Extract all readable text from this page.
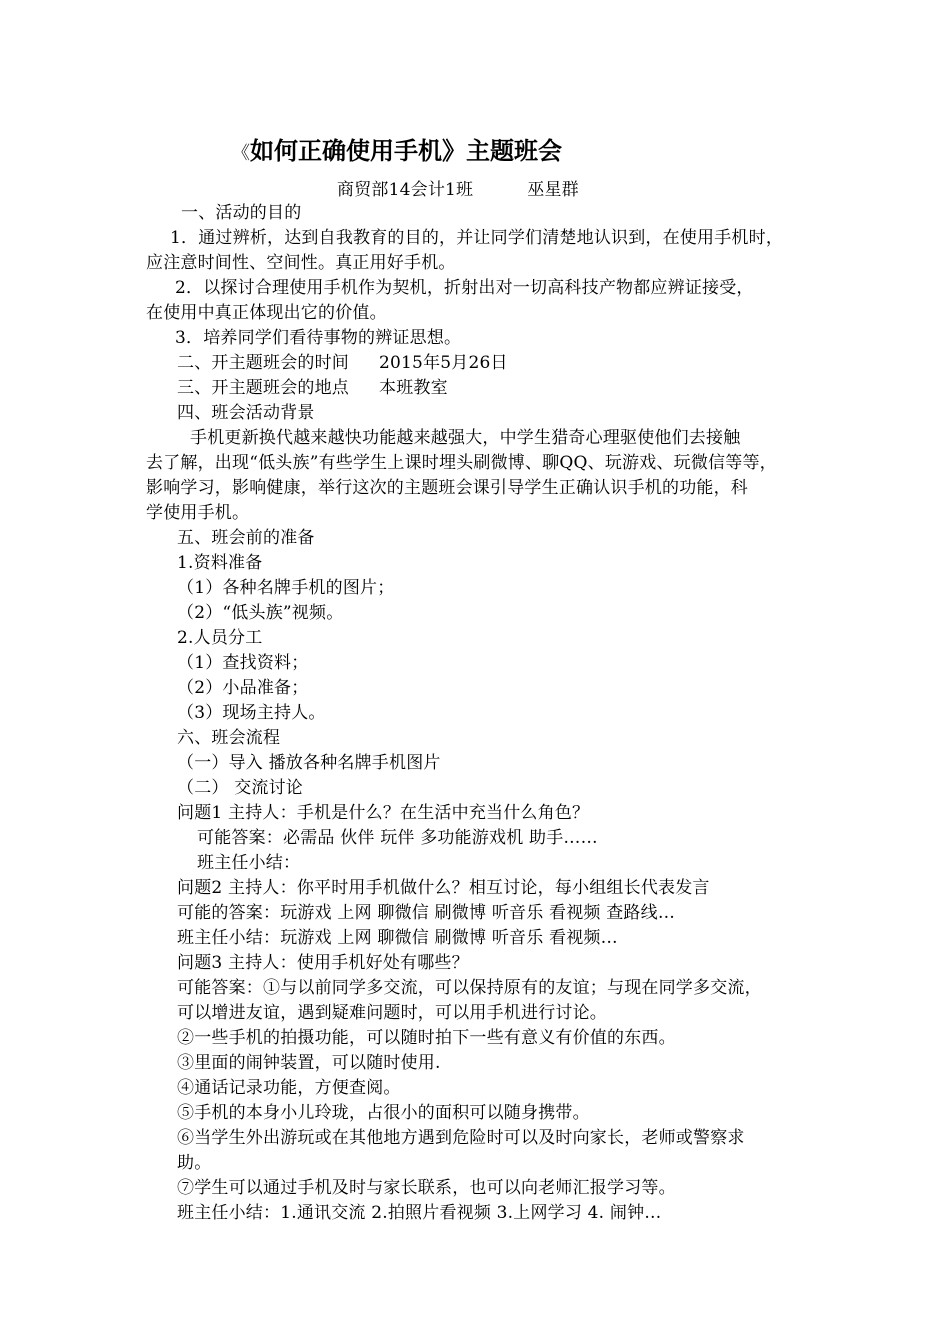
《如何正确使用手机》主题班会
商贸部14会计1班	巫星群
一、活动的目的
1．通过辨析，达到自我教育的目的，并让同学们清楚地认识到，在使用手机时，
应注意时间性、空间性。真正用好手机。
2．以探讨合理使用手机作为契机，折射出对一切高科技产物都应辨证接受，
在使用中真正体现出它的价值。
3．培养同学们看待事物的辨证思想。
二、开主题班会的时间 2015年5月26日
三、开主题班会的地点 本班教室
四、班会活动背景
手机更新换代越来越快功能越来越强大，中学生猎奇心理驱使他们去接触
去了解，出现“低头族”有些学生上课时埋头刷微博、聊QQ、玩游戏、玩微信等等，
影响学习，影响健康，举行这次的主题班会课引导学生正确认识手机的功能，科
学使用手机。
五、班会前的准备
1.资料准备
（1）各种名牌手机的图片；
（2）“低头族”视频。
2.人员分工
（1）查找资料；
（2）小品准备；
（3）现场主持人。
六、班会流程
（一）导入 播放各种名牌手机图片
（二） 交流讨论
问题1 主持人：手机是什么？在生活中充当什么角色？
可能答案：必需品 伙伴 玩伴 多功能游戏机 助手……
班主任小结：
问题2 主持人：你平时用手机做什么？相互讨论，每小组组长代表发言
可能的答案：玩游戏 上网 聊微信 刷微博 听音乐 看视频 查路线…
班主任小结：玩游戏 上网 聊微信 刷微博 听音乐 看视频…
问题3 主持人：使用手机好处有哪些？
可能答案：①与以前同学多交流，可以保持原有的友谊；与现在同学多交流，
可以增进友谊，遇到疑难问题时，可以用手机进行讨论。
②一些手机的拍摄功能，可以随时拍下一些有意义有价值的东西。
③里面的闹钟装置，可以随时使用.
④通话记录功能，方便查阅。
⑤手机的本身小儿玲珑，占很小的面积可以随身携带。
⑥当学生外出游玩或在其他地方遇到危险时可以及时向家长，老师或警察求
助。
⑦学生可以通过手机及时与家长联系，也可以向老师汇报学习等。
班主任小结：1.通讯交流 2.拍照片看视频 3.上网学习 4. 闹钟…
